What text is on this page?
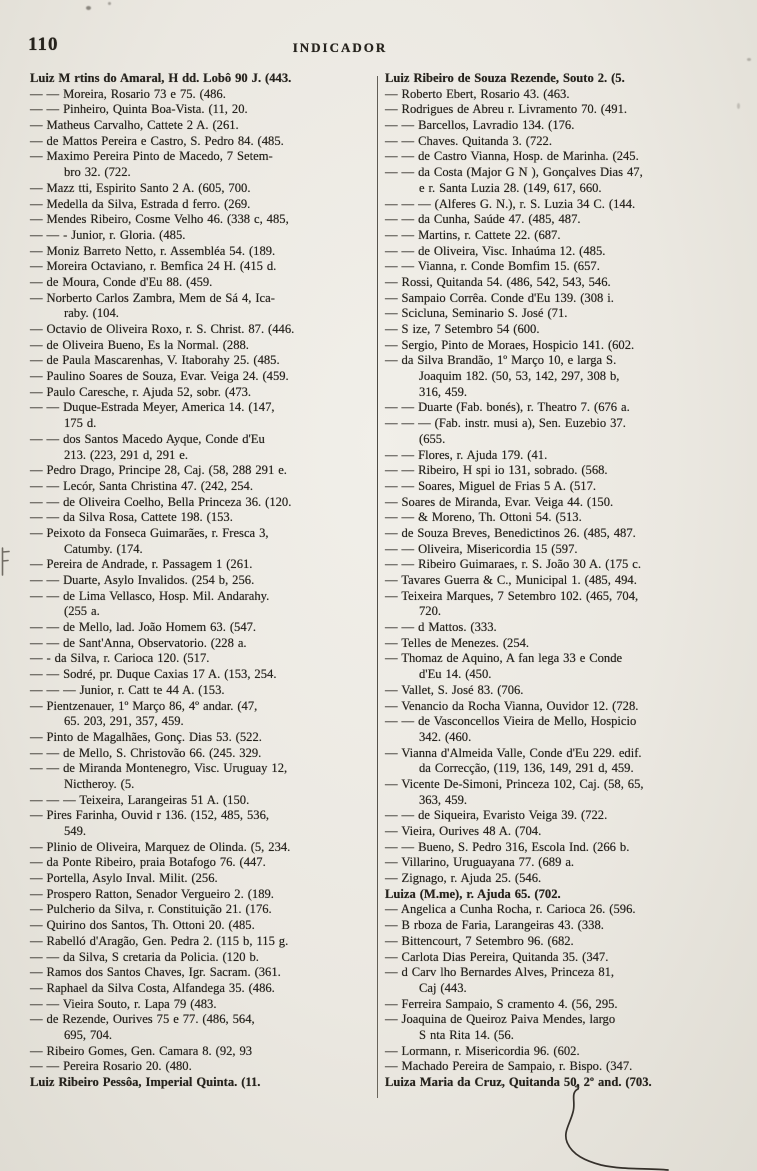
110	INDICADOR
Luiz M rtins do Amaral, H dd. Lobô 90 J. (443.
— — Moreira, Rosario 73 e 75. (486.
— — Pinheiro, Quinta Boa-Vista. (11, 20.
— Matheus Carvalho, Cattete 2 A. (261.
— de Mattos Pereira e Castro, S. Pedro 84. (485.
— Maximo Pereira Pinto de Macedo, 7 Setem-
bro 32. (722.
— Mazz tti, Espirito Santo 2 A. (605, 700.
— Medella da Silva, Estrada d ferro. (269.
— Mendes Ribeiro, Cosme Velho 46. (338 c, 485,
— — - Junior, r. Gloria. (485.
— Moniz Barreto Netto, r. Assembléa 54. (189.
— Moreira Octaviano, r. Bemfica 24 H. (415 d.
— de Moura, Conde d'Eu 88. (459.
— Norberto Carlos Zambra, Mem de Sá 4, Ica-
raby. (104.
— Octavio de Oliveira Roxo, r. S. Christ. 87. (446.
— de Oliveira Bueno, Es la Normal. (288.
— de Paula Mascarenhas, V. Itaborahy 25. (485.
— Paulino Soares de Souza, Evar. Veiga 24. (459.
— Paulo Caresche, r. Ajuda 52, sobr. (473.
— — Duque-Estrada Meyer, America 14. (147,
175 d.
— — dos Santos Macedo Ayque, Conde d'Eu
213. (223, 291 d, 291 e.
— Pedro Drago, Principe 28, Caj. (58, 288 291 e.
— — Lecór, Santa Christina 47. (242, 254.
— — de Oliveira Coelho, Bella Princeza 36. (120.
— — da Silva Rosa, Cattete 198. (153.
— Peixoto da Fonseca Guimarães, r. Fresca 3,
Catumby. (174.
— Pereira de Andrade, r. Passagem 1 (261.
— — Duarte, Asylo Invalidos. (254 b, 256.
— — de Lima Vellasco, Hosp. Mil. Andarahy.
(255 a.
— — de Mello, lad. João Homem 63. (547.
— — de Sant'Anna, Observatorio. (228 a.
— - da Silva, r. Carioca 120. (517.
— — Sodré, pr. Duque Caxias 17 A. (153, 254.
— — — Junior, r. Catt te 44 A. (153.
— Pientzenauer, 1º Março 86, 4º andar. (47,
65. 203, 291, 357, 459.
— Pinto de Magalhães, Gonç. Dias 53. (522.
— — de Mello, S. Christovão 66. (245. 329.
— — de Miranda Montenegro, Visc. Uruguay 12,
Nictheroy. (5.
— — — Teixeira, Larangeiras 51 A. (150.
— Pires Farinha, Ouvid r 136. (152, 485, 536,
549.
— Plinio de Oliveira, Marquez de Olinda. (5, 234.
— da Ponte Ribeiro, praia Botafogo 76. (447.
— Portella, Asylo Inval. Milit. (256.
— Prospero Ratton, Senador Vergueiro 2. (189.
— Pulcherio da Silva, r. Constituição 21. (176.
— Quirino dos Santos, Th. Ottoni 20. (485.
— Rabelló d'Aragão, Gen. Pedra 2. (115 b, 115 g.
— — da Silva, S cretaria da Policia. (120 b.
— Ramos dos Santos Chaves, Igr. Sacram. (361.
— Raphael da Silva Costa, Alfandega 35. (486.
— — Vieira Souto, r. Lapa 79 (483.
— de Rezende, Ourives 75 e 77. (486, 564,
695, 704.
— Ribeiro Gomes, Gen. Camara 8. (92, 93
— — Pereira Rosario 20. (480.
Luiz Ribeiro Pessôa, Imperial Quinta. (11.
Luiz Ribeiro de Souza Rezende, Souto 2. (5.
— Roberto Ebert, Rosario 43. (463.
— Rodrigues de Abreu r. Livramento 70. (491.
— — Barcellos, Lavradio 134. (176.
— — Chaves. Quitanda 3. (722.
— — de Castro Vianna, Hosp. de Marinha. (245.
— — da Costa (Major G N ), Gonçalves Dias 47,
e r. Santa Luzia 28. (149, 617, 660.
— — — (Alferes G. N.), r. S. Luzia 34 C. (144.
— — da Cunha, Saúde 47. (485, 487.
— — Martins, r. Cattete 22. (687.
— — de Oliveira, Visc. Inhaúma 12. (485.
— — Vianna, r. Conde Bomfim 15. (657.
— Rossi, Quitanda 54. (486, 542, 543, 546.
— Sampaio Corrêa. Conde d'Eu 139. (308 i.
— Scicluna, Seminario S. José (71.
— S ize, 7 Setembro 54 (600.
— Sergio, Pinto de Moraes, Hospicio 141. (602.
— da Silva Brandão, 1º Março 10, e larga S.
Joaquim 182. (50, 53, 142, 297, 308 b,
316, 459.
— — Duarte (Fab. bonés), r. Theatro 7. (676 a.
— — — (Fab. instr. musi a), Sen. Euzebio 37.
(655.
— — Flores, r. Ajuda 179. (41.
— — Ribeiro, H spi io 131, sobrado. (568.
— — Soares, Miguel de Frias 5 A. (517.
— Soares de Miranda, Evar. Veiga 44. (150.
— — & Moreno, Th. Ottoni 54. (513.
— de Souza Breves, Benedictinos 26. (485, 487.
— — Oliveira, Misericordia 15 (597.
— — Ribeiro Guimaraes, r. S. João 30 A. (175 c.
— Tavares Guerra & C., Municipal 1. (485, 494.
— Teixeira Marques, 7 Setembro 102. (465, 704,
720.
— — d Mattos. (333.
— Telles de Menezes. (254.
— Thomaz de Aquino, A fan lega 33 e Conde
d'Eu 14. (450.
— Vallet, S. José 83. (706.
— Venancio da Rocha Vianna, Ouvidor 12. (728.
— — de Vasconcellos Vieira de Mello, Hospicio
342. (460.
— Vianna d'Almeida Valle, Conde d'Eu 229. edif.
da Correcção, (119, 136, 149, 291 d, 459.
— Vicente De-Simoni, Princeza 102, Caj. (58, 65,
363, 459.
— — de Siqueira, Evaristo Veiga 39. (722.
— Vieira, Ourives 48 A. (704.
— — Bueno, S. Pedro 316, Escola Ind. (266 b.
— Villarino, Uruguayana 77. (689 a.
— Zignago, r. Ajuda 25. (546.
Luiza (M.me), r. Ajuda 65. (702.
— Angelica a Cunha Rocha, r. Carioca 26. (596.
— B rboza de Faria, Larangeiras 43. (338.
— Bittencourt, 7 Setembro 96. (682.
— Carlota Dias Pereira, Quitanda 35. (347.
— d Carv lho Bernardes Alves, Princeza 81,
Caj (443.
— Ferreira Sampaio, S cramento 4. (56, 295.
— Joaquina de Queiroz Paiva Mendes, largo
S nta Rita 14. (56.
— Lormann, r. Misericordia 96. (602.
— Machado Pereira de Sampaio, r. Bispo. (347.
Luiza Maria da Cruz, Quitanda 50, 2º and. (703.
